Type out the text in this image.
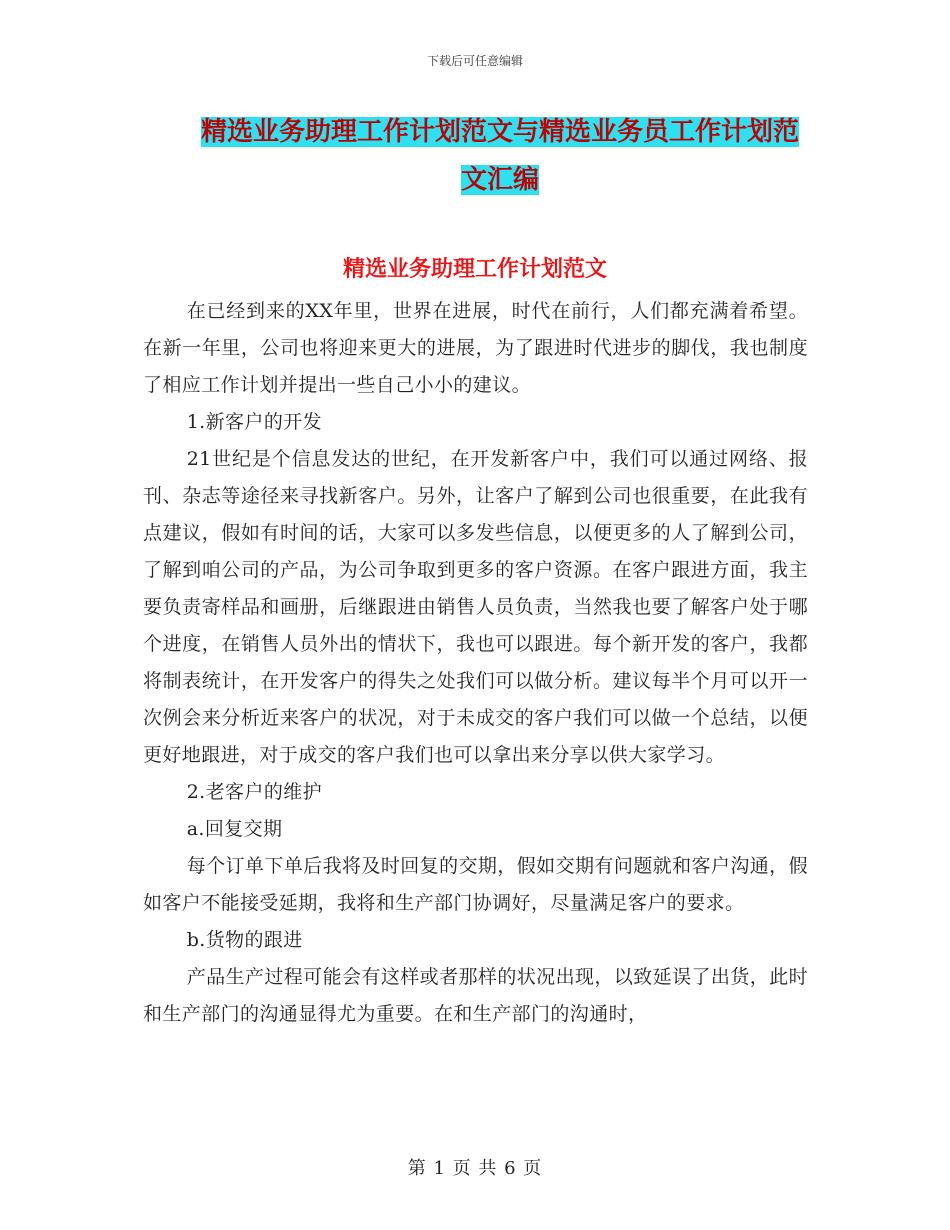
下载后可任意编辑
精选业务助理工作计划范文与精选业务员工作计划范文汇编
精选业务助理工作计划范文

在已经到来的XX年里，世界在进展，时代在前行，人们都充满着希望。在新一年里，公司也将迎来更大的进展，为了跟进时代进步的脚伐，我也制度了相应工作计划并提出一些自己小小的建议。

1.新客户的开发

21世纪是个信息发达的世纪，在开发新客户中，我们可以通过网络、报刊、杂志等途径来寻找新客户。另外，让客户了解到公司也很重要，在此我有点建议，假如有时间的话，大家可以多发些信息，以便更多的人了解到公司，了解到咱公司的产品，为公司争取到更多的客户资源。在客户跟进方面，我主要负责寄样品和画册，后继跟进由销售人员负责，当然我也要了解客户处于哪个进度，在销售人员外出的情状下，我也可以跟进。每个新开发的客户，我都将制表统计，在开发客户的得失之处我们可以做分析。建议每半个月可以开一次例会来分析近来客户的状况，对于未成交的客户我们可以做一个总结，以便更好地跟进，对于成交的客户我们也可以拿出来分享以供大家学习。

2.老客户的维护

a.回复交期

每个订单下单后我将及时回复的交期，假如交期有问题就和客户沟通，假如客户不能接受延期，我将和生产部门协调好，尽量满足客户的要求。

b.货物的跟进

产品生产过程可能会有这样或者那样的状况出现，以致延误了出货，此时和生产部门的沟通显得尤为重要。在和生产部门的沟通时，

第 1 页 共 6 页
